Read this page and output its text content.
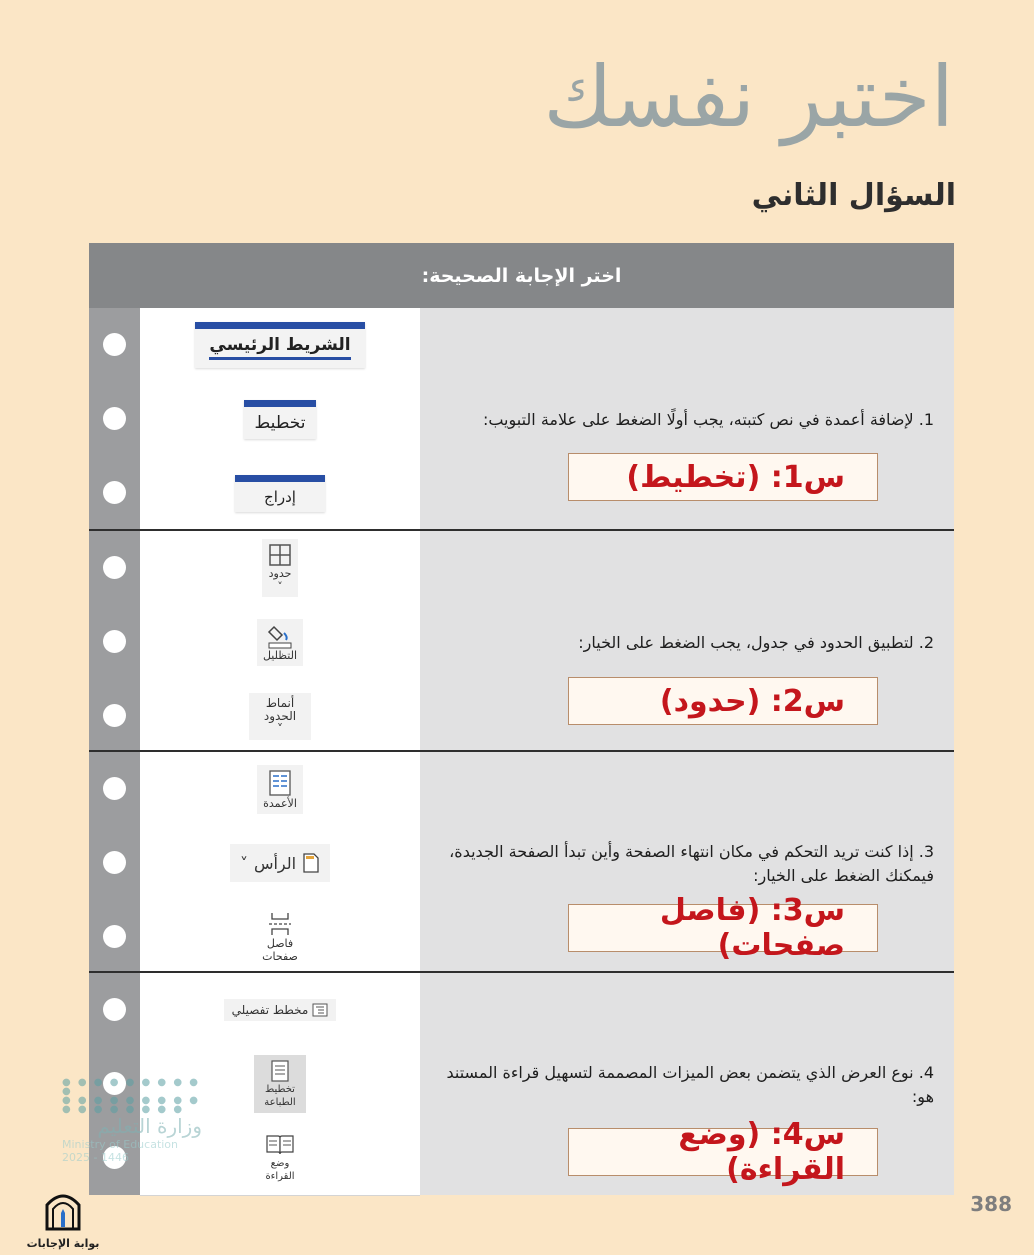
اختبر نفسك
السؤال الثاني
اختر الإجابة الصحيحة:
1. لإضافة أعمدة في نص كتبته، يجب أولًا الضغط على علامة التبويب:
س1: (تخطيط)
الشريط الرئيسي
تخطيط
إدراج
2. لتطبيق الحدود في جدول، يجب الضغط على الخيار:
س2: (حدود)
حدود
˅
التظليل
أنماط الحدود
˅
3. إذا كنت تريد التحكم في مكان انتهاء الصفحة وأين تبدأ الصفحة الجديدة، فيمكنك الضغط على الخيار:
س3: (فاصل صفحات)
الأعمدة
الرأس
˅
فاصل صفحات
4. نوع العرض الذي يتضمن بعض الميزات المصممة لتسهيل قراءة المستند هو:
س4: (وضع القراءة)
مخطط تفصيلي
تخطيط الطباعة
وضع القراءة
● ● ● ● ● ● ● ● ● ●
● ● ● ● ● ● ● ● ●
● ● ● ● ● ● ● ●
وزارة التعليم
Ministry of Education
2025 - 1446
بوابة الإجابات
388
